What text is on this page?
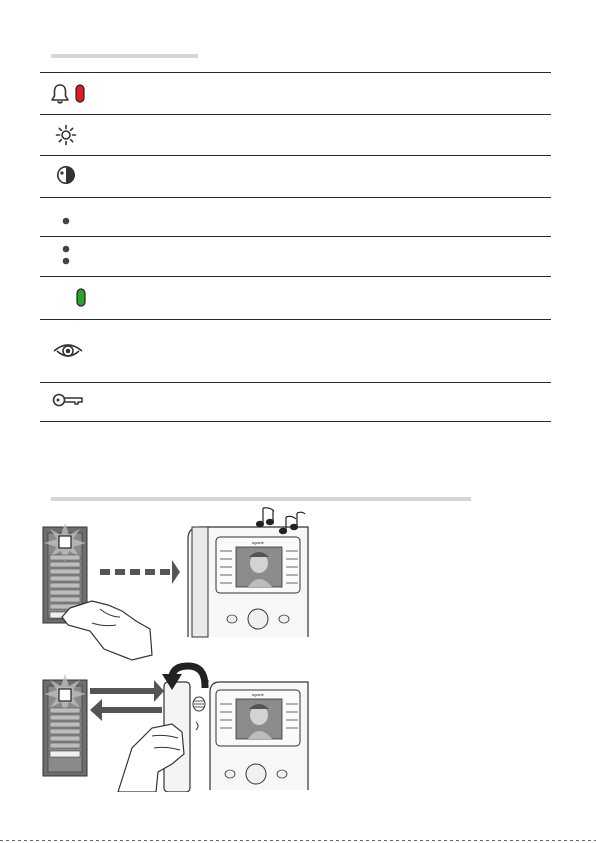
agaele
agaele
